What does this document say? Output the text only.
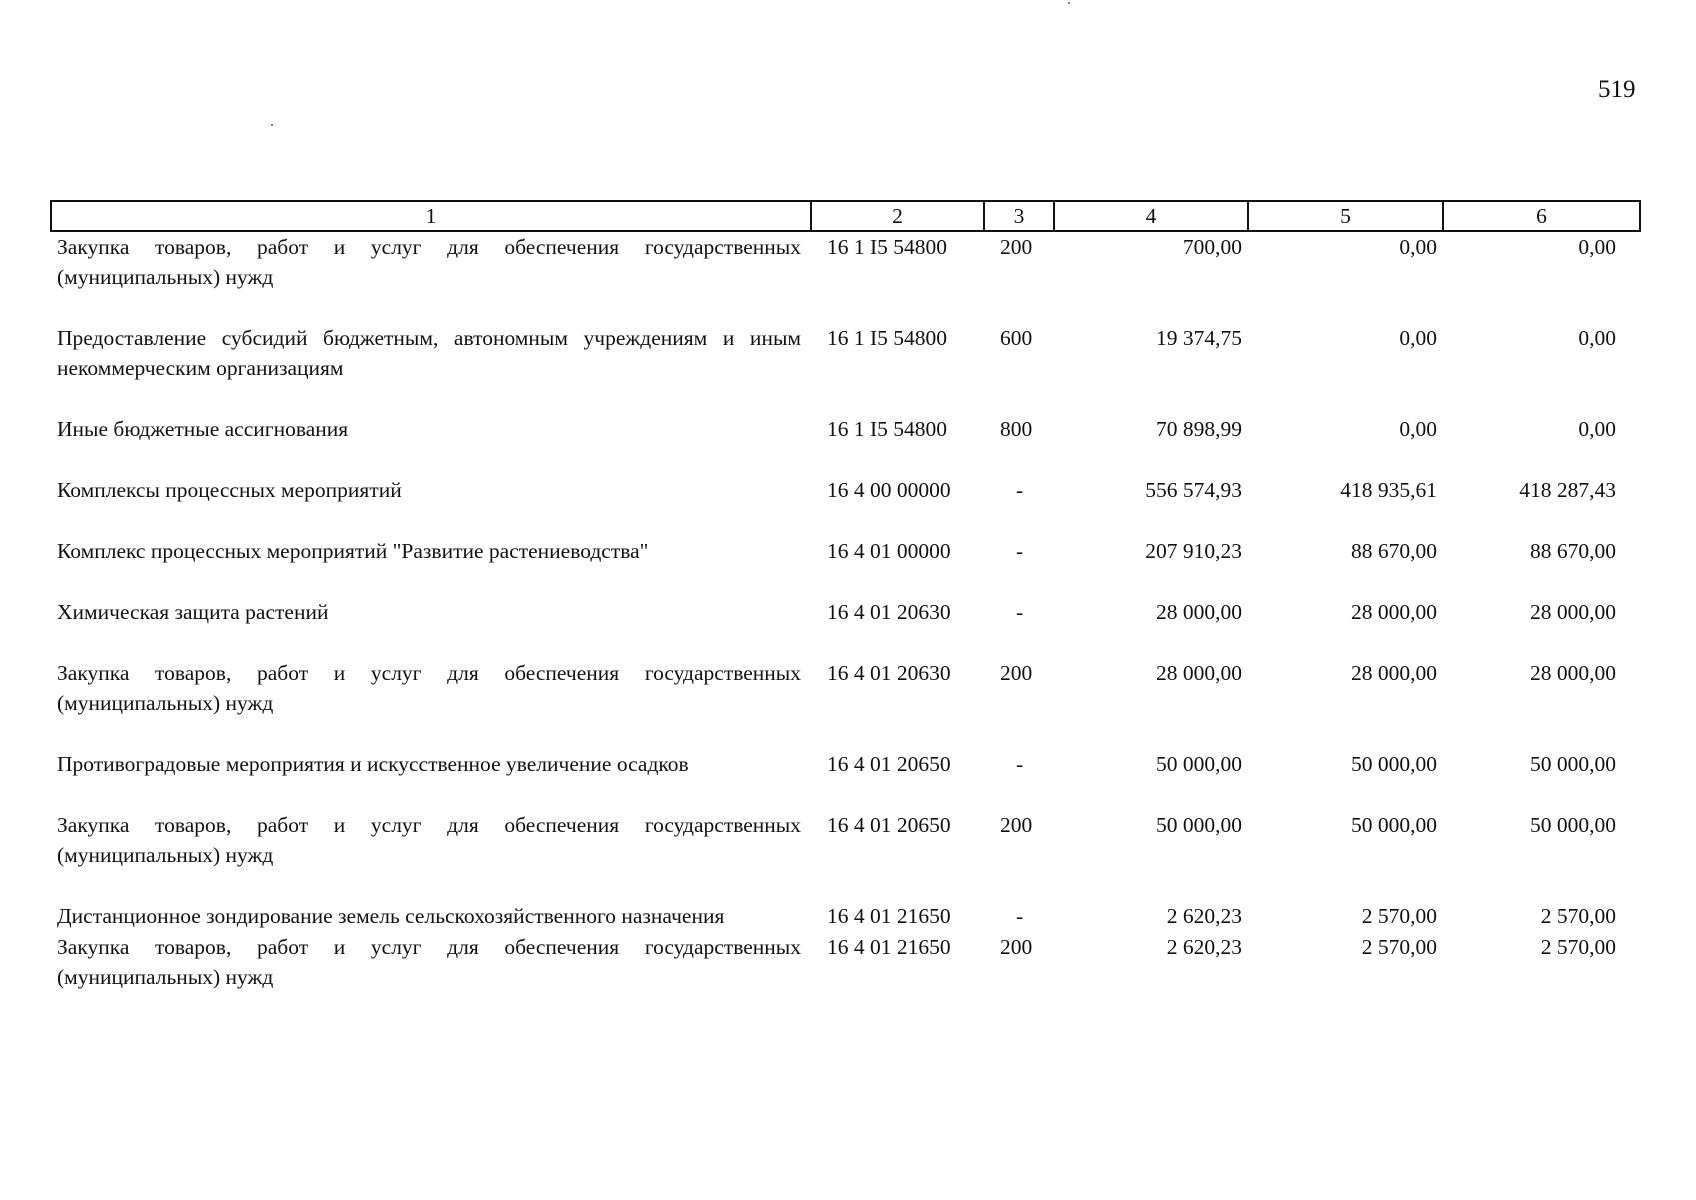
519
1	2	3	4	5	6
Закупка товаров, работ и услуг для обеспечения государственных (муниципальных) нужд	16 1 I5 54800	200	700,00	0,00	0,00
Предоставление субсидий бюджетным, автономным учреждениям и иным некоммерческим организациям	16 1 I5 54800	600	19 374,75	0,00	0,00
Иные бюджетные ассигнования	16 1 I5 54800	800	70 898,99	0,00	0,00
Комплексы процессных мероприятий	16 4 00 00000	-	556 574,93	418 935,61	418 287,43
Комплекс процессных мероприятий "Развитие растениеводства"	16 4 01 00000	-	207 910,23	88 670,00	88 670,00
Химическая защита растений	16 4 01 20630	-	28 000,00	28 000,00	28 000,00
Закупка товаров, работ и услуг для обеспечения государственных (муниципальных) нужд	16 4 01 20630	200	28 000,00	28 000,00	28 000,00
Противоградовые мероприятия и искусственное увеличение осадков	16 4 01 20650	-	50 000,00	50 000,00	50 000,00
Закупка товаров, работ и услуг для обеспечения государственных (муниципальных) нужд	16 4 01 20650	200	50 000,00	50 000,00	50 000,00
Дистанционное зондирование земель сельскохозяйственного назначения	16 4 01 21650	-	2 620,23	2 570,00	2 570,00
Закупка товаров, работ и услуг для обеспечения государственных (муниципальных) нужд	16 4 01 21650	200	2 620,23	2 570,00	2 570,00
